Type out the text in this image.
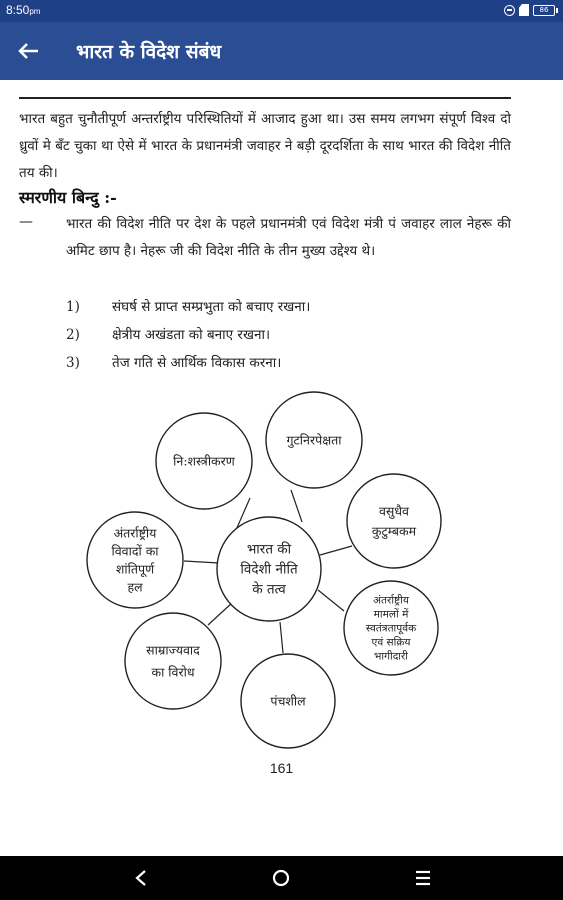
8:50pm	86
भारत के विदेश संबंध
भारत बहुत चुनौतीपूर्ण अन्तर्राष्ट्रीय परिस्थितियों में आजाद हुआ था। उस समय लगभग संपूर्ण विश्व दो ध्रुवों मे बँट चुका था ऐसे में भारत के प्रधानमंत्री जवाहर ने बड़ी दूरदर्शिता के साथ भारत की विदेश नीति तय की।
स्मरणीय बिन्दु :-
— भारत की विदेश नीति पर देश के पहले प्रधानमंत्री एवं विदेश मंत्री पं जवाहर लाल नेहरू की अमिट छाप है। नेहरू जी की विदेश नीति के तीन मुख्य उद्देश्य थे।
1) संघर्ष से प्राप्त सम्प्रभुता को बचाए रखना।
2) क्षेत्रीय अखंडता को बनाए रखना।
3) तेज गति से आर्थिक विकास करना।
भारत की
विदेशी नीति
के तत्व
नि:शस्त्रीकरण
गुटनिरपेक्षता
वसुधैव
कुटुम्बकम
अंतर्राष्ट्रीय
मामलों में
स्वतंत्रतापूर्वक
एवं सक्रिय
भागीदारी
पंचशील
साम्राज्यवाद
का विरोध
अंतर्राष्ट्रीय
विवादों का
शांतिपूर्ण
हल
161
